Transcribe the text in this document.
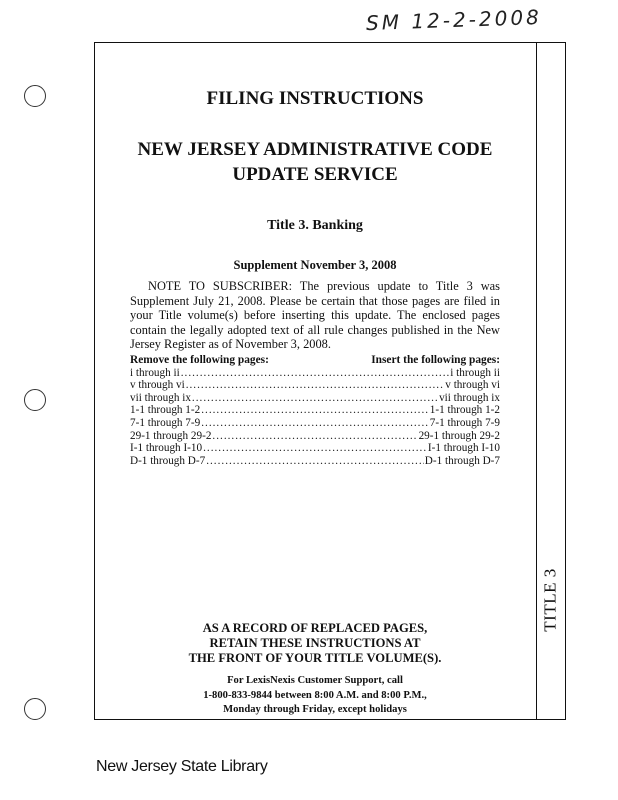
SM 12-2-2008
TITLE 3
FILING INSTRUCTIONS
NEW JERSEY ADMINISTRATIVE CODE
UPDATE SERVICE
Title 3. Banking
Supplement November 3, 2008
NOTE TO SUBSCRIBER: The previous update to Title 3 was Supplement July 21, 2008. Please be certain that those pages are filed in your Title volume(s) before inserting this update. The enclosed pages contain the legally adopted text of all rule changes published in the New Jersey Register as of November 3, 2008.
Remove the following pages:	Insert the following pages:
i through ii .....	i through ii
v through vi .....	v through vi
vii through ix .....	vii through ix
1-1 through 1-2 .....	1-1 through 1-2
7-1 through 7-9 .....	7-1 through 7-9
29-1 through 29-2 .....	29-1 through 29-2
I-1 through I-10 .....	I-1 through I-10
D-1 through D-7 .....	D-1 through D-7
AS A RECORD OF REPLACED PAGES,
RETAIN THESE INSTRUCTIONS AT
THE FRONT OF YOUR TITLE VOLUME(S).
For LexisNexis Customer Support, call
1-800-833-9844 between 8:00 A.M. and 8:00 P.M.,
Monday through Friday, except holidays
New Jersey State Library
